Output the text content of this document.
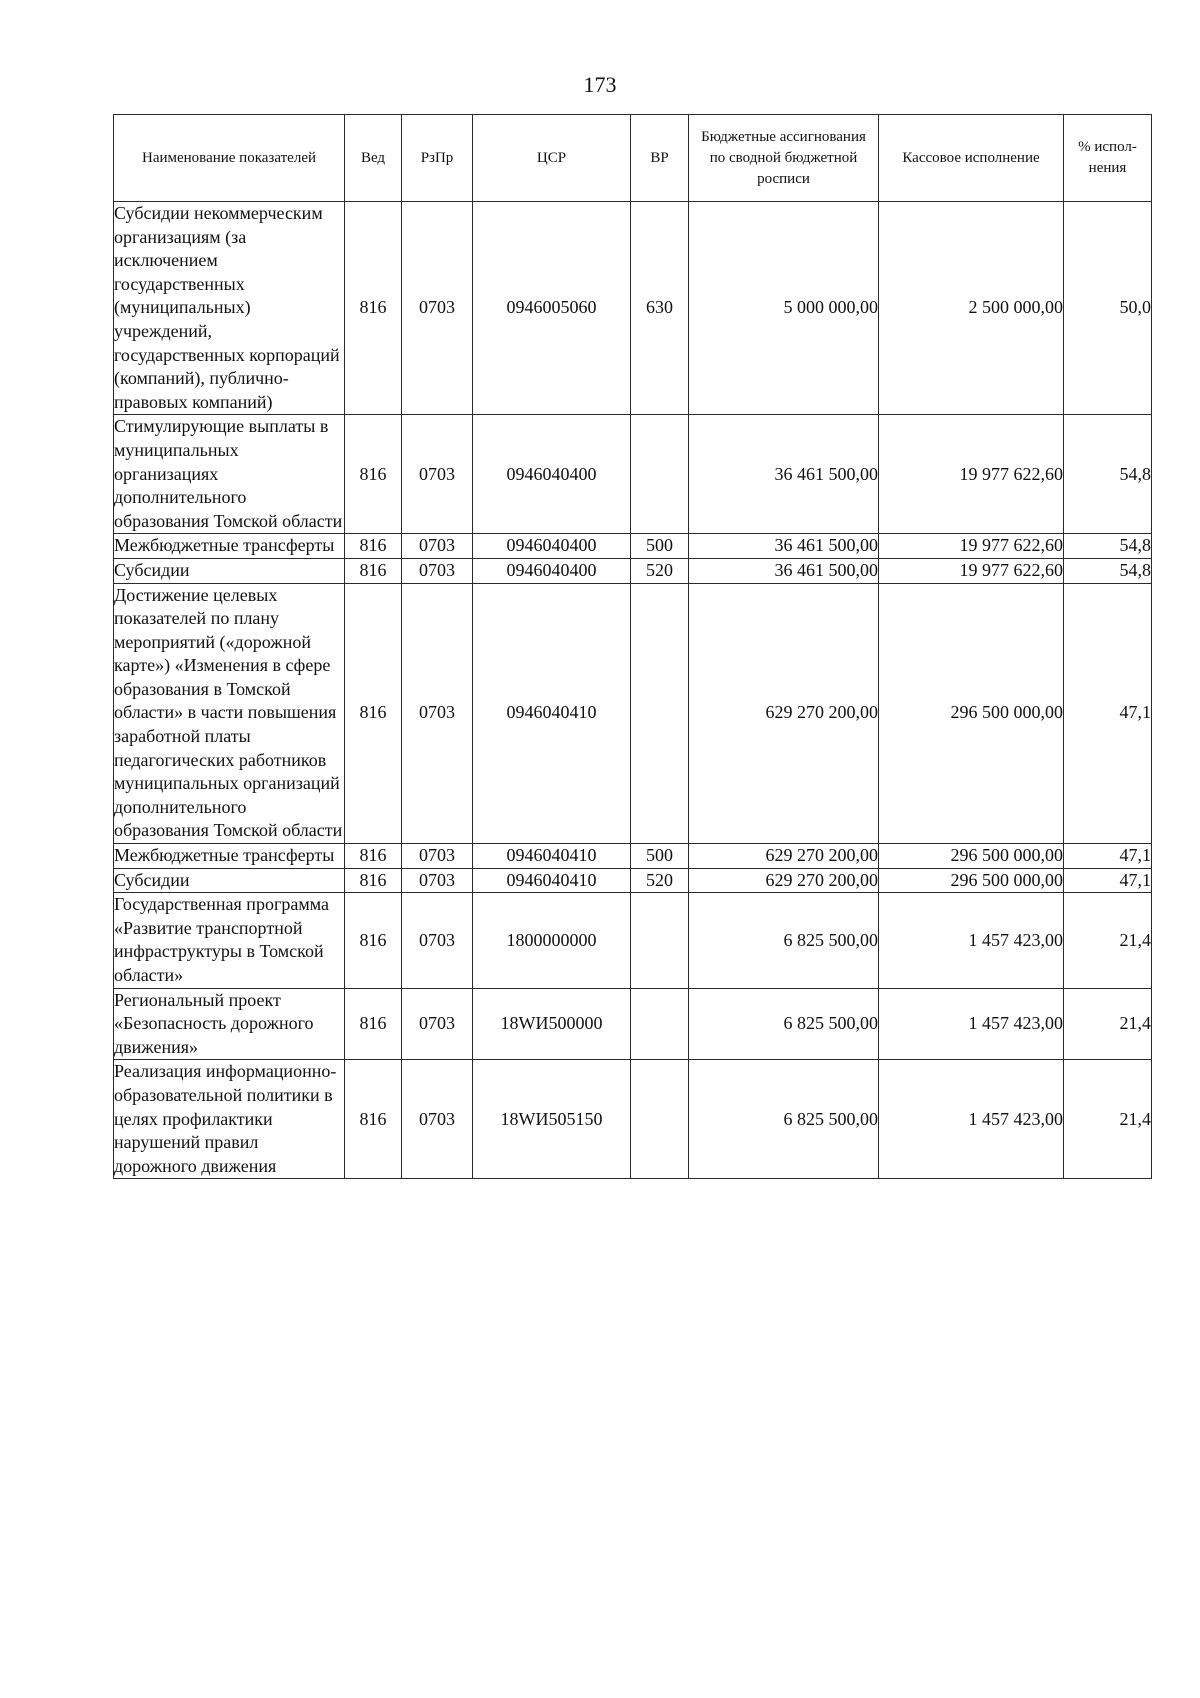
173
Наименование показателей	Вед	РзПр	ЦСР	ВР	Бюджетные ассигнования по сводной бюджетной росписи	Кассовое исполнение	% испол-нения
Субсидии некоммерческим организациям (за исключением государственных (муниципальных) учреждений, государственных корпораций (компаний), публично-правовых компаний)	816	0703	0946005060	630	5 000 000,00	2 500 000,00	50,0
Стимулирующие выплаты в муниципальных организациях дополнительного образования Томской области	816	0703	0946040400		36 461 500,00	19 977 622,60	54,8
Межбюджетные трансферты	816	0703	0946040400	500	36 461 500,00	19 977 622,60	54,8
Субсидии	816	0703	0946040400	520	36 461 500,00	19 977 622,60	54,8
Достижение целевых показателей по плану мероприятий («дорожной карте») «Изменения в сфере образования в Томской области» в части повышения заработной платы педагогических работников муниципальных организаций дополнительного образования Томской области	816	0703	0946040410		629 270 200,00	296 500 000,00	47,1
Межбюджетные трансферты	816	0703	0946040410	500	629 270 200,00	296 500 000,00	47,1
Субсидии	816	0703	0946040410	520	629 270 200,00	296 500 000,00	47,1
Государственная программа «Развитие транспортной инфраструктуры в Томской области»	816	0703	1800000000		6 825 500,00	1 457 423,00	21,4
Региональный проект «Безопасность дорожного движения»	816	0703	18WИ500000		6 825 500,00	1 457 423,00	21,4
Реализация информационно-образовательной политики в целях профилактики нарушений правил дорожного движения	816	0703	18WИ505150		6 825 500,00	1 457 423,00	21,4
